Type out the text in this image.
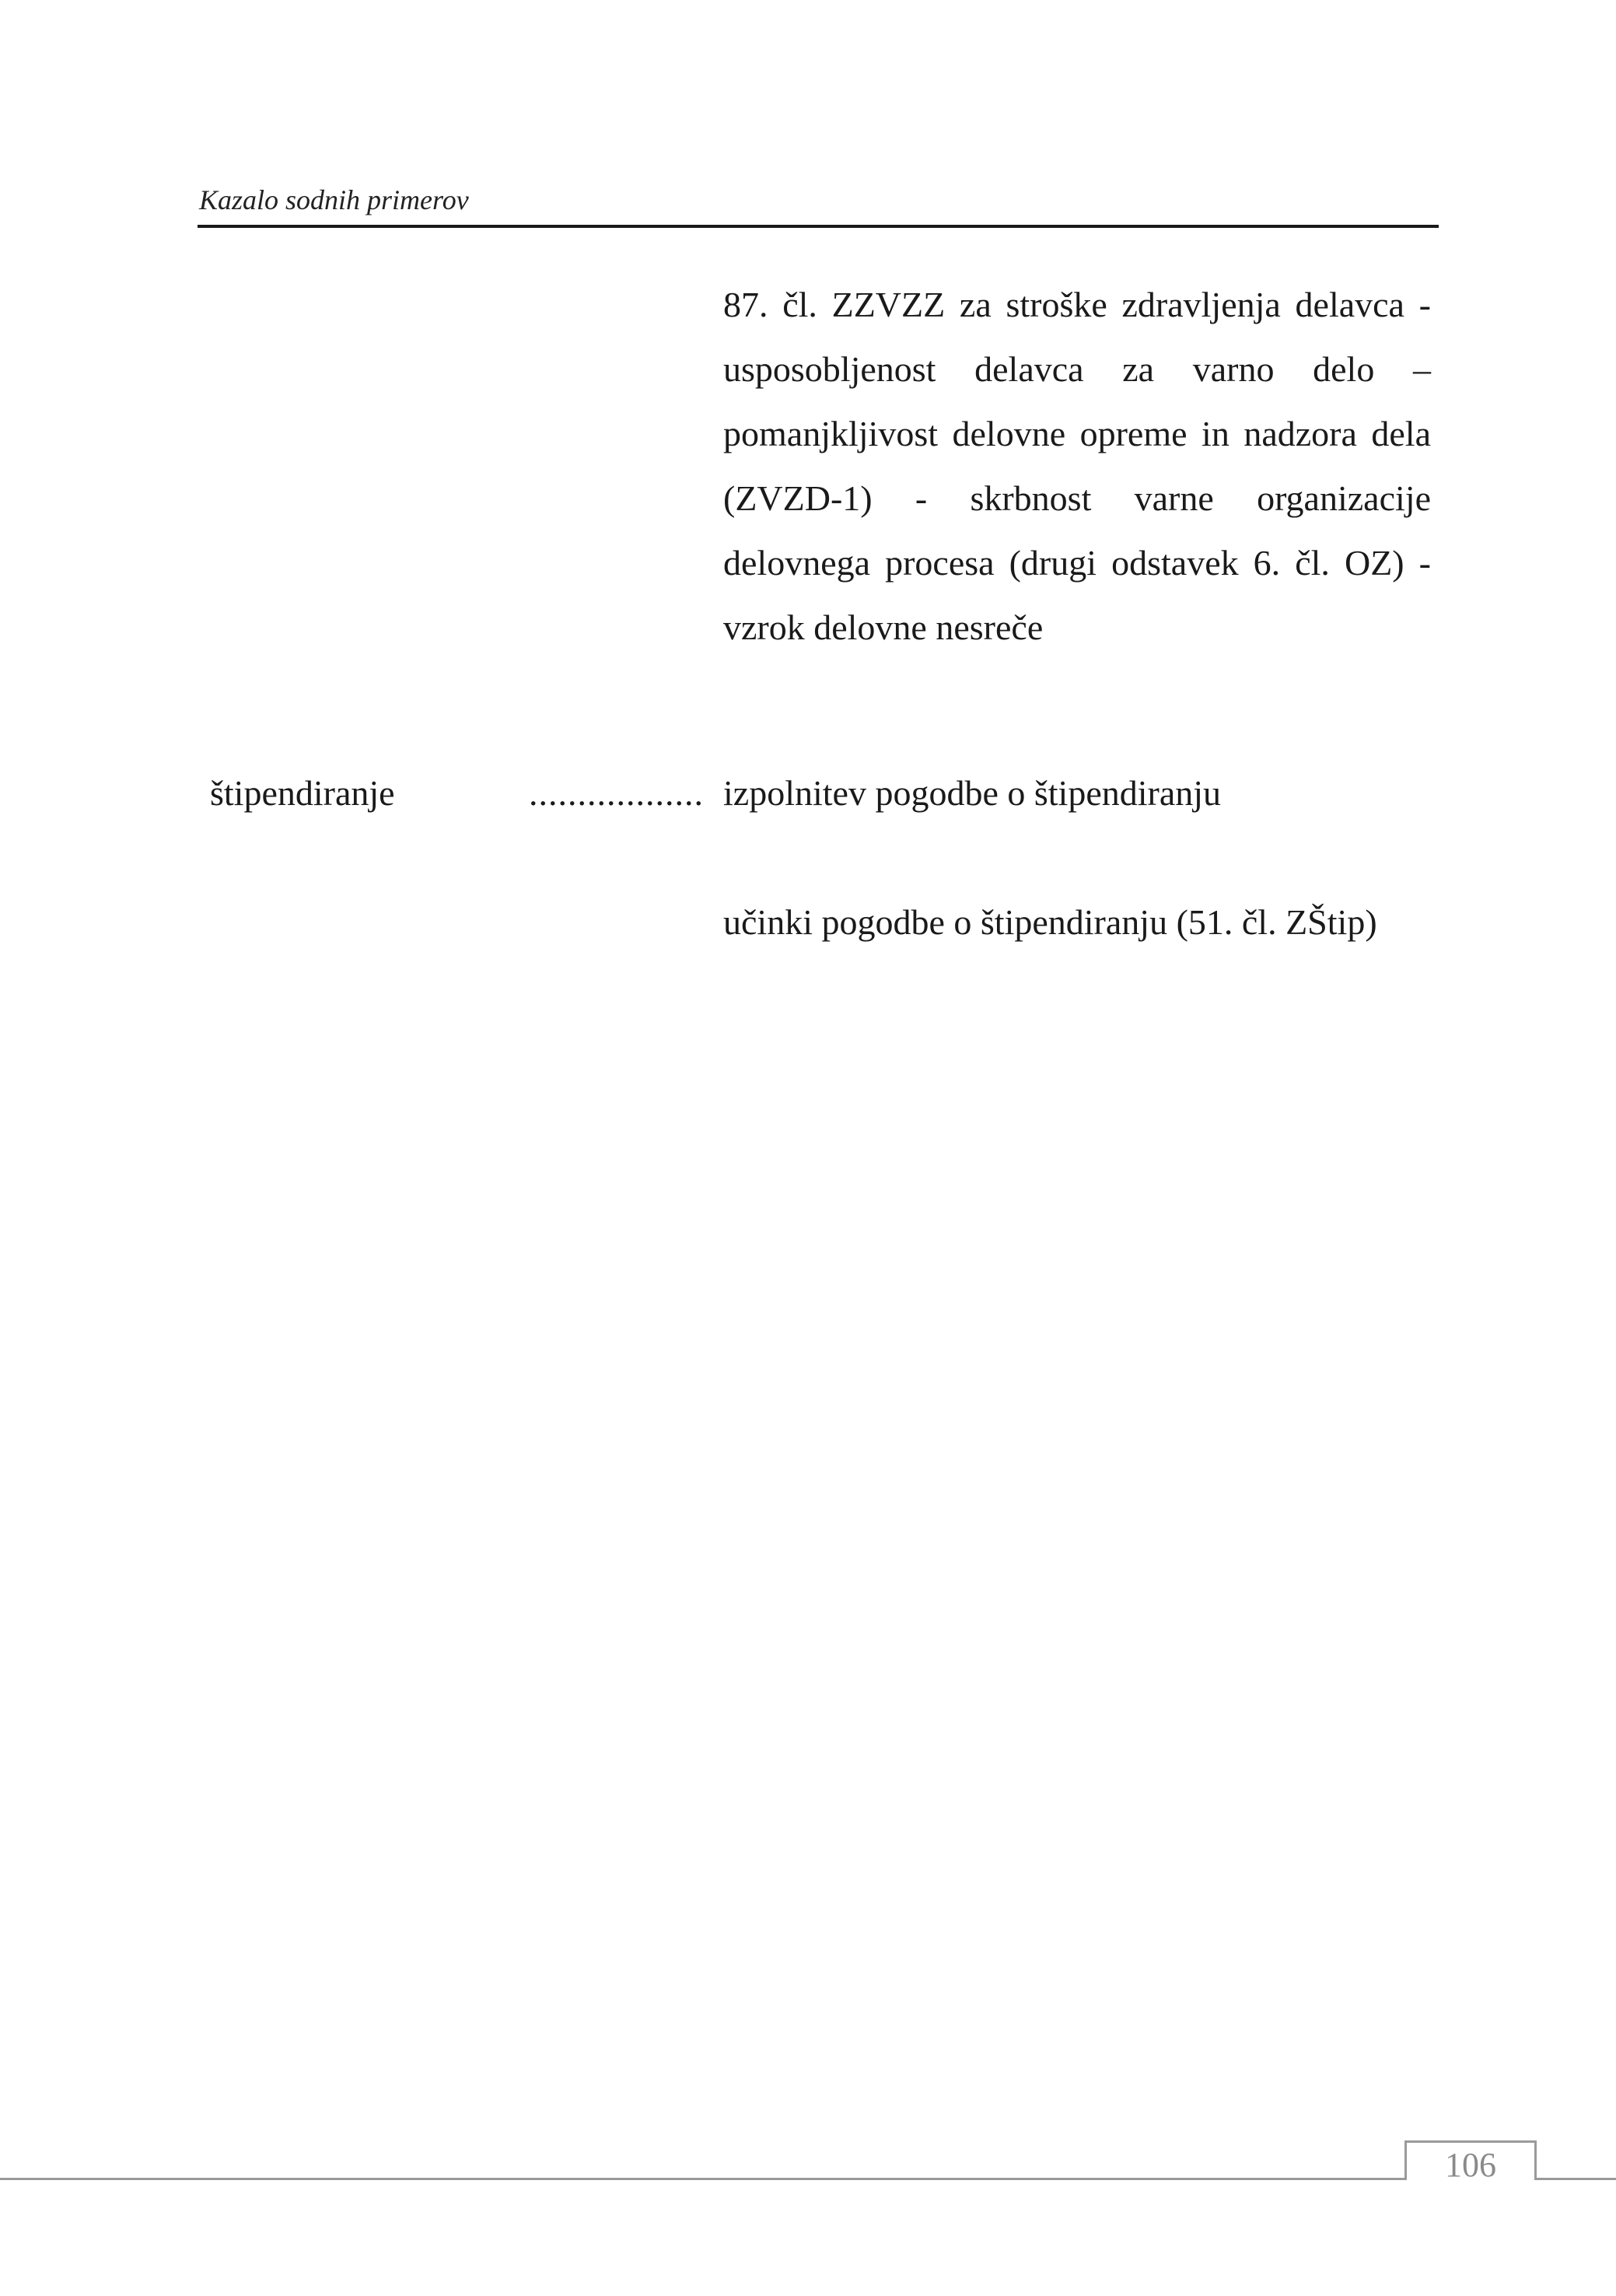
Kazalo sodnih primerov
87. čl. ZZVZZ za stroške zdravljenja delavca - usposobljenost delavca za varno delo – pomanjkljivost delovne opreme in nadzora dela (ZVZD-1) - skrbnost varne organizacije delovnega procesa (drugi odstavek 6. čl. OZ) - vzrok delovne nesreče
štipendiranje	.................. izpolnitev pogodbe o štipendiranju
učinki pogodbe o štipendiranju (51. čl. ZŠtip)
106
